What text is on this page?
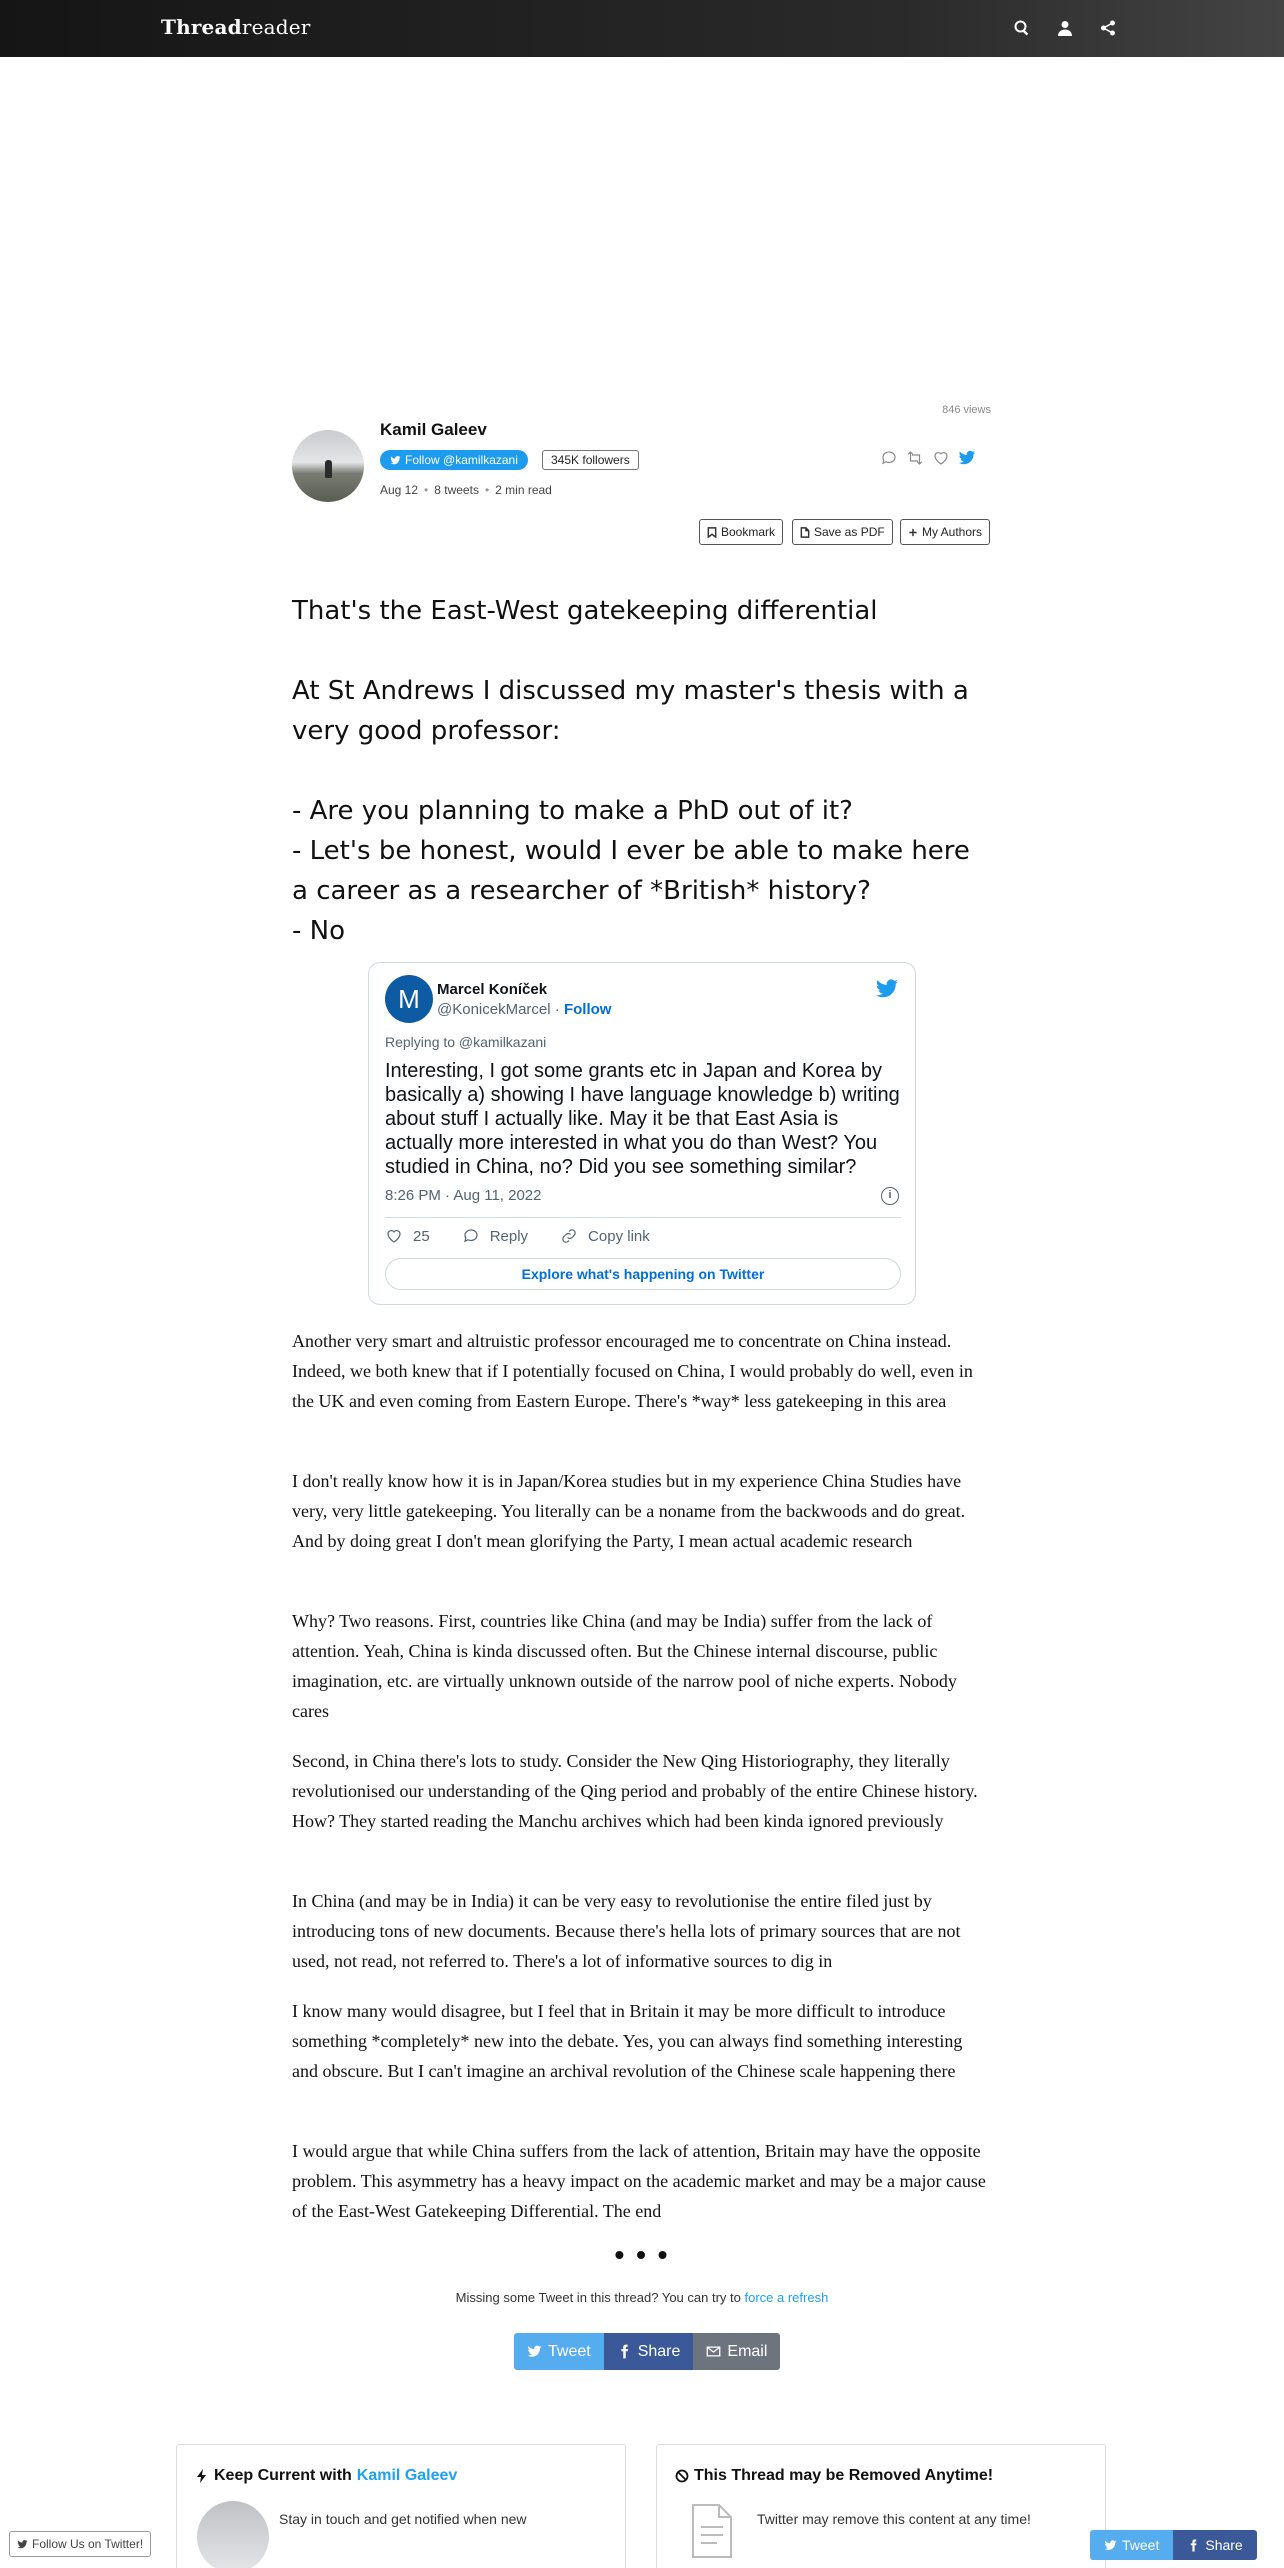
Threadreader
846 views
Kamil Galeev
Follow @kamilkazani	345K followers
Aug 12 • 8 tweets • 2 min read
Bookmark	Save as PDF	My Authors

That's the East-West gatekeeping differential

At St Andrews I discussed my master's thesis with a very good professor:

- Are you planning to make a PhD out of it?
- Let's be honest, would I ever be able to make here a career as a researcher of *British* history?
- No

M	Marcel Koníček
@KonicekMarcel · Follow
Replying to @kamilkazani
Interesting, I got some grants etc in Japan and Korea by basically a) showing I have language knowledge b) writing about stuff I actually like. May it be that East Asia is actually more interested in what you do than West? You studied in China, no? Did you see something similar?
8:26 PM · Aug 11, 2022	i
25	Reply	Copy link
Explore what's happening on Twitter

Another very smart and altruistic professor encouraged me to concentrate on China instead. Indeed, we both knew that if I potentially focused on China, I would probably do well, even in the UK and even coming from Eastern Europe. There's *way* less gatekeeping in this area

I don't really know how it is in Japan/Korea studies but in my experience China Studies have very, very little gatekeeping. You literally can be a noname from the backwoods and do great. And by doing great I don't mean glorifying the Party, I mean actual academic research

Why? Two reasons. First, countries like China (and may be India) suffer from the lack of attention. Yeah, China is kinda discussed often. But the Chinese internal discourse, public imagination, etc. are virtually unknown outside of the narrow pool of niche experts. Nobody cares

Second, in China there's lots to study. Consider the New Qing Historiography, they literally revolutionised our understanding of the Qing period and probably of the entire Chinese history. How? They started reading the Manchu archives which had been kinda ignored previously

In China (and may be in India) it can be very easy to revolutionise the entire filed just by introducing tons of new documents. Because there's hella lots of primary sources that are not used, not read, not referred to. There's a lot of informative sources to dig in

I know many would disagree, but I feel that in Britain it may be more difficult to introduce something *completely* new into the debate. Yes, you can always find something interesting and obscure. But I can't imagine an archival revolution of the Chinese scale happening there

I would argue that while China suffers from the lack of attention, Britain may have the opposite problem. This asymmetry has a heavy impact on the academic market and may be a major cause of the East-West Gatekeeping Differential. The end

• • •
Missing some Tweet in this thread? You can try to force a refresh
Tweet	Share	Email
Keep Current with Kamil Galeev
Stay in touch and get notified when new
This Thread may be Removed Anytime!
Twitter may remove this content at any time!
Follow Us on Twitter!	Tweet	Share
